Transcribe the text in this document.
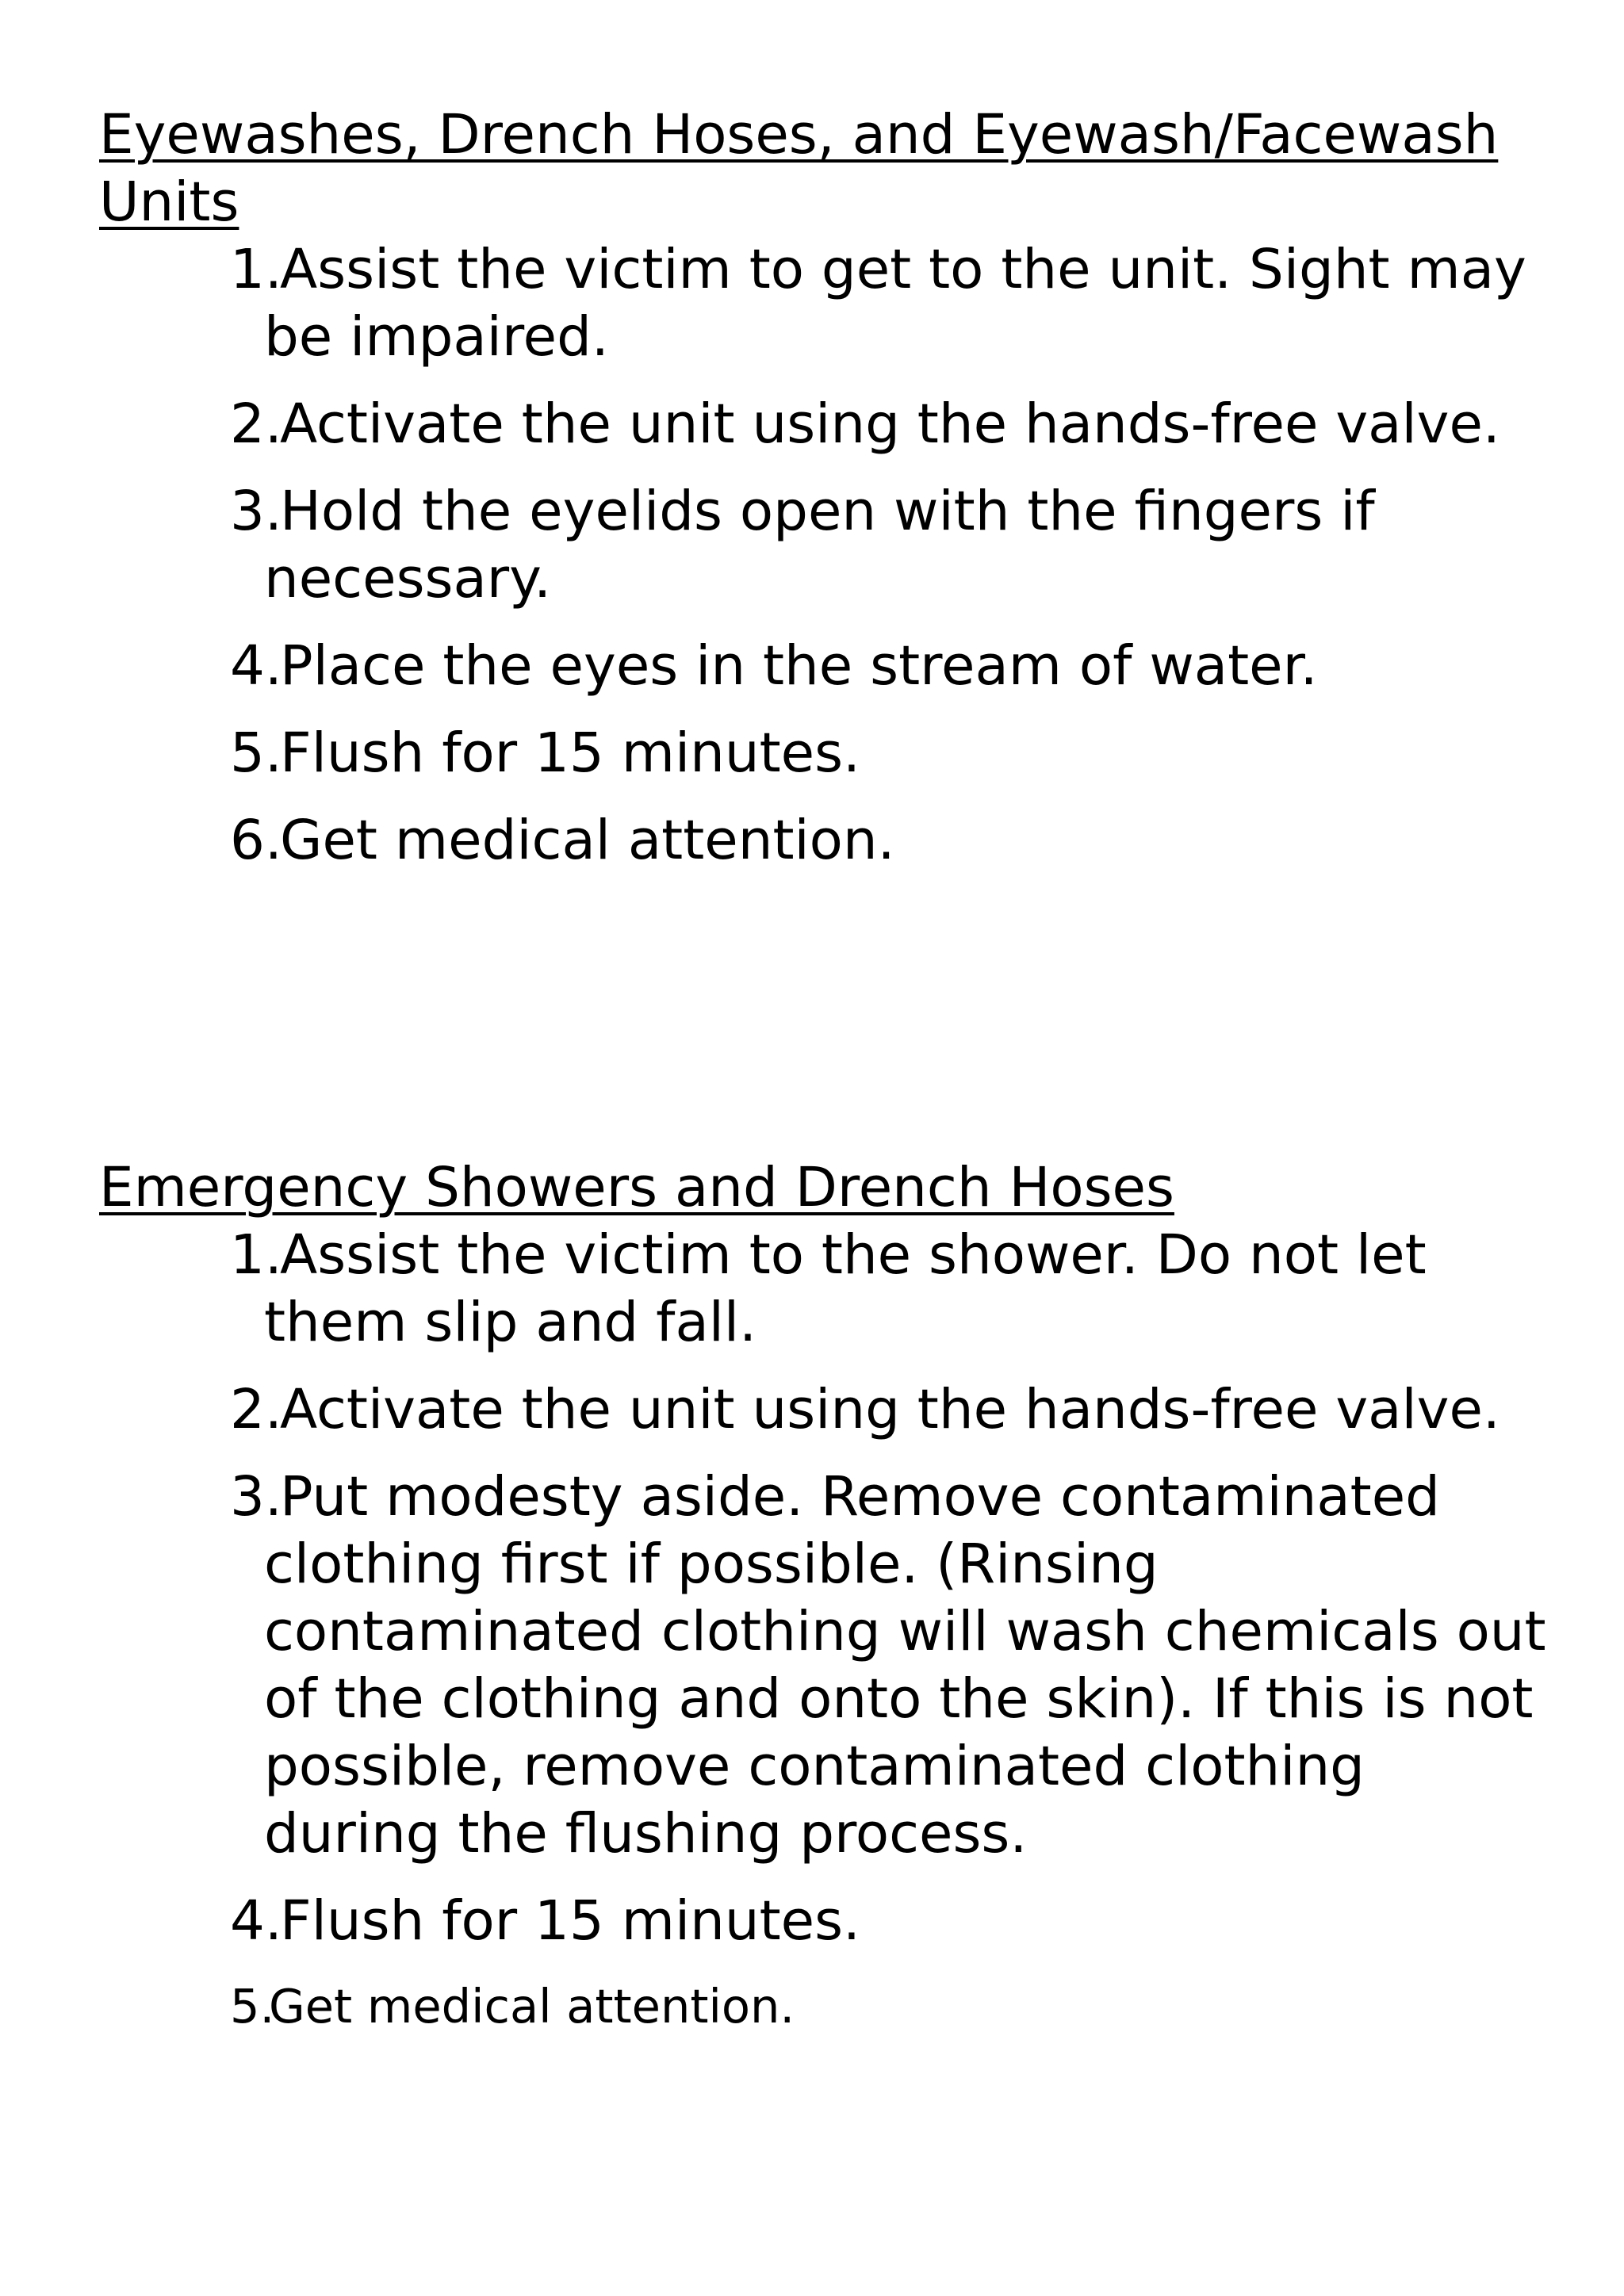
Eyewashes, Drench Hoses, and Eyewash/Facewash Units
1.
Assist the victim to get to the unit. Sight may be impaired.
2.
Activate the unit using the hands-free valve.
3.
Hold the eyelids open with the fingers if necessary.
4.
Place the eyes in the stream of water.
5.
Flush for 15 minutes.
6.
Get medical attention.
Emergency Showers and Drench Hoses
1.
Assist the victim to the shower. Do not let them slip and fall.
2.
Activate the unit using the hands-free valve.
3.
Put modesty aside. Remove contaminated clothing first if possible. (Rinsing contaminated clothing will wash chemicals out of the clothing and onto the skin). If this is not possible, remove contaminated clothing during the flushing process.
4.
Flush for 15 minutes.
5.
Get medical attention.
